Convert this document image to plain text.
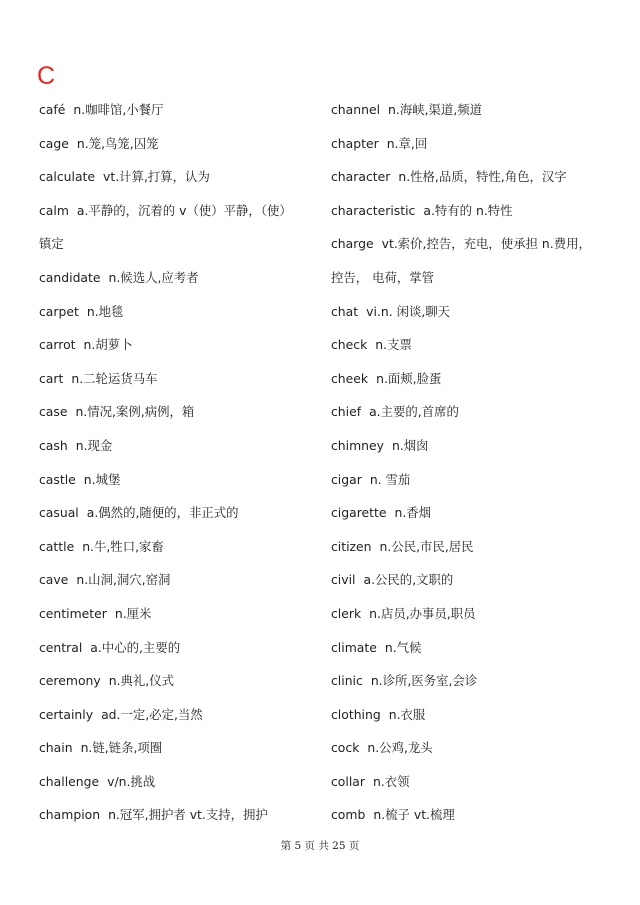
C
café n.咖啡馆,小餐厅
cage n.笼,鸟笼,囚笼
calculate vt.计算,打算，认为
calm a.平静的，沉着的 v（使）平静，（使）
镇定
candidate n.候选人,应考者
carpet n.地毯
carrot n.胡萝卜
cart n.二轮运货马车
case n.情况,案例,病例，箱
cash n.现金
castle n.城堡
casual a.偶然的,随便的，非正式的
cattle n.牛,牲口,家畜
cave n.山洞,洞穴,窑洞
centimeter n.厘米
central a.中心的,主要的
ceremony n.典礼,仪式
certainly ad.一定,必定,当然
chain n.链,链条,项圈
challenge v/n.挑战
champion n.冠军,拥护者 vt.支持，拥护
channel n.海峡,渠道,频道
chapter n.章,回
character n.性格,品质，特性,角色，汉字
characteristic a.特有的 n.特性
charge vt.索价,控告，充电，使承担 n.费用，
控告， 电荷，掌管
chat vi.n. 闲谈,聊天
check n.支票
cheek n.面颊,脸蛋
chief a.主要的,首席的
chimney n.烟囱
cigar n. 雪茄
cigarette n.香烟
citizen n.公民,市民,居民
civil a.公民的,文职的
clerk n.店员,办事员,职员
climate n.气候
clinic n.诊所,医务室,会诊
clothing n.衣服
cock n.公鸡,龙头
collar n.衣领
comb n.梳子 vt.梳理
第 5 页 共 25 页
